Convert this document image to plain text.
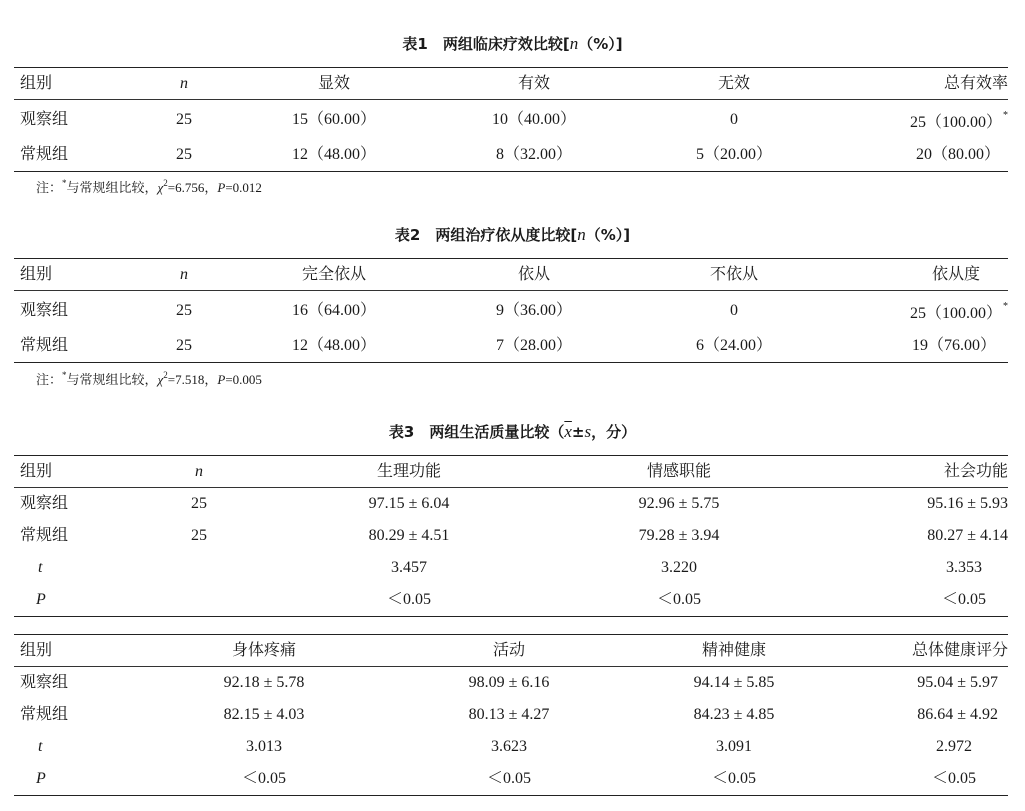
表1　两组临床疗效比较[n（%）]
组别	n	显效	有效	无效	总有效率
观察组	25	15（60.00）	10（40.00）	0	25（100.00）*
常规组	25	12（48.00）	8（32.00）	5（20.00）	20（80.00）
注：*与常规组比较，$\chi^2=6.756$，P=0.012
表2　两组治疗依从度比较[n（%）]
组别	n	完全依从	依从	不依从	依从度
观察组	25	16（64.00）	9（36.00）	0	25（100.00）*
常规组	25	12（48.00）	7（28.00）	6（24.00）	19（76.00）
注：*与常规组比较，$\chi^2=7.518$，P=0.005
表3　两组生活质量比较（$\overline{x}\pm s$，分）
组别	n	生理功能	情感职能	社会功能
观察组	25	97.15 ± 6.04	92.96 ± 5.75	95.16 ± 5.93
常规组	25	80.29 ± 4.51	79.28 ± 3.94	80.27 ± 4.14
t		3.457	3.220	3.353
P		＜0.05	＜0.05	＜0.05
组别	身体疼痛	活动	精神健康	总体健康评分
观察组	92.18 ± 5.78	98.09 ± 6.16	94.14 ± 5.85	95.04 ± 5.97
常规组	82.15 ± 4.03	80.13 ± 4.27	84.23 ± 4.85	86.64 ± 4.92
t	3.013	3.623	3.091	2.972
P	＜0.05	＜0.05	＜0.05	＜0.05
